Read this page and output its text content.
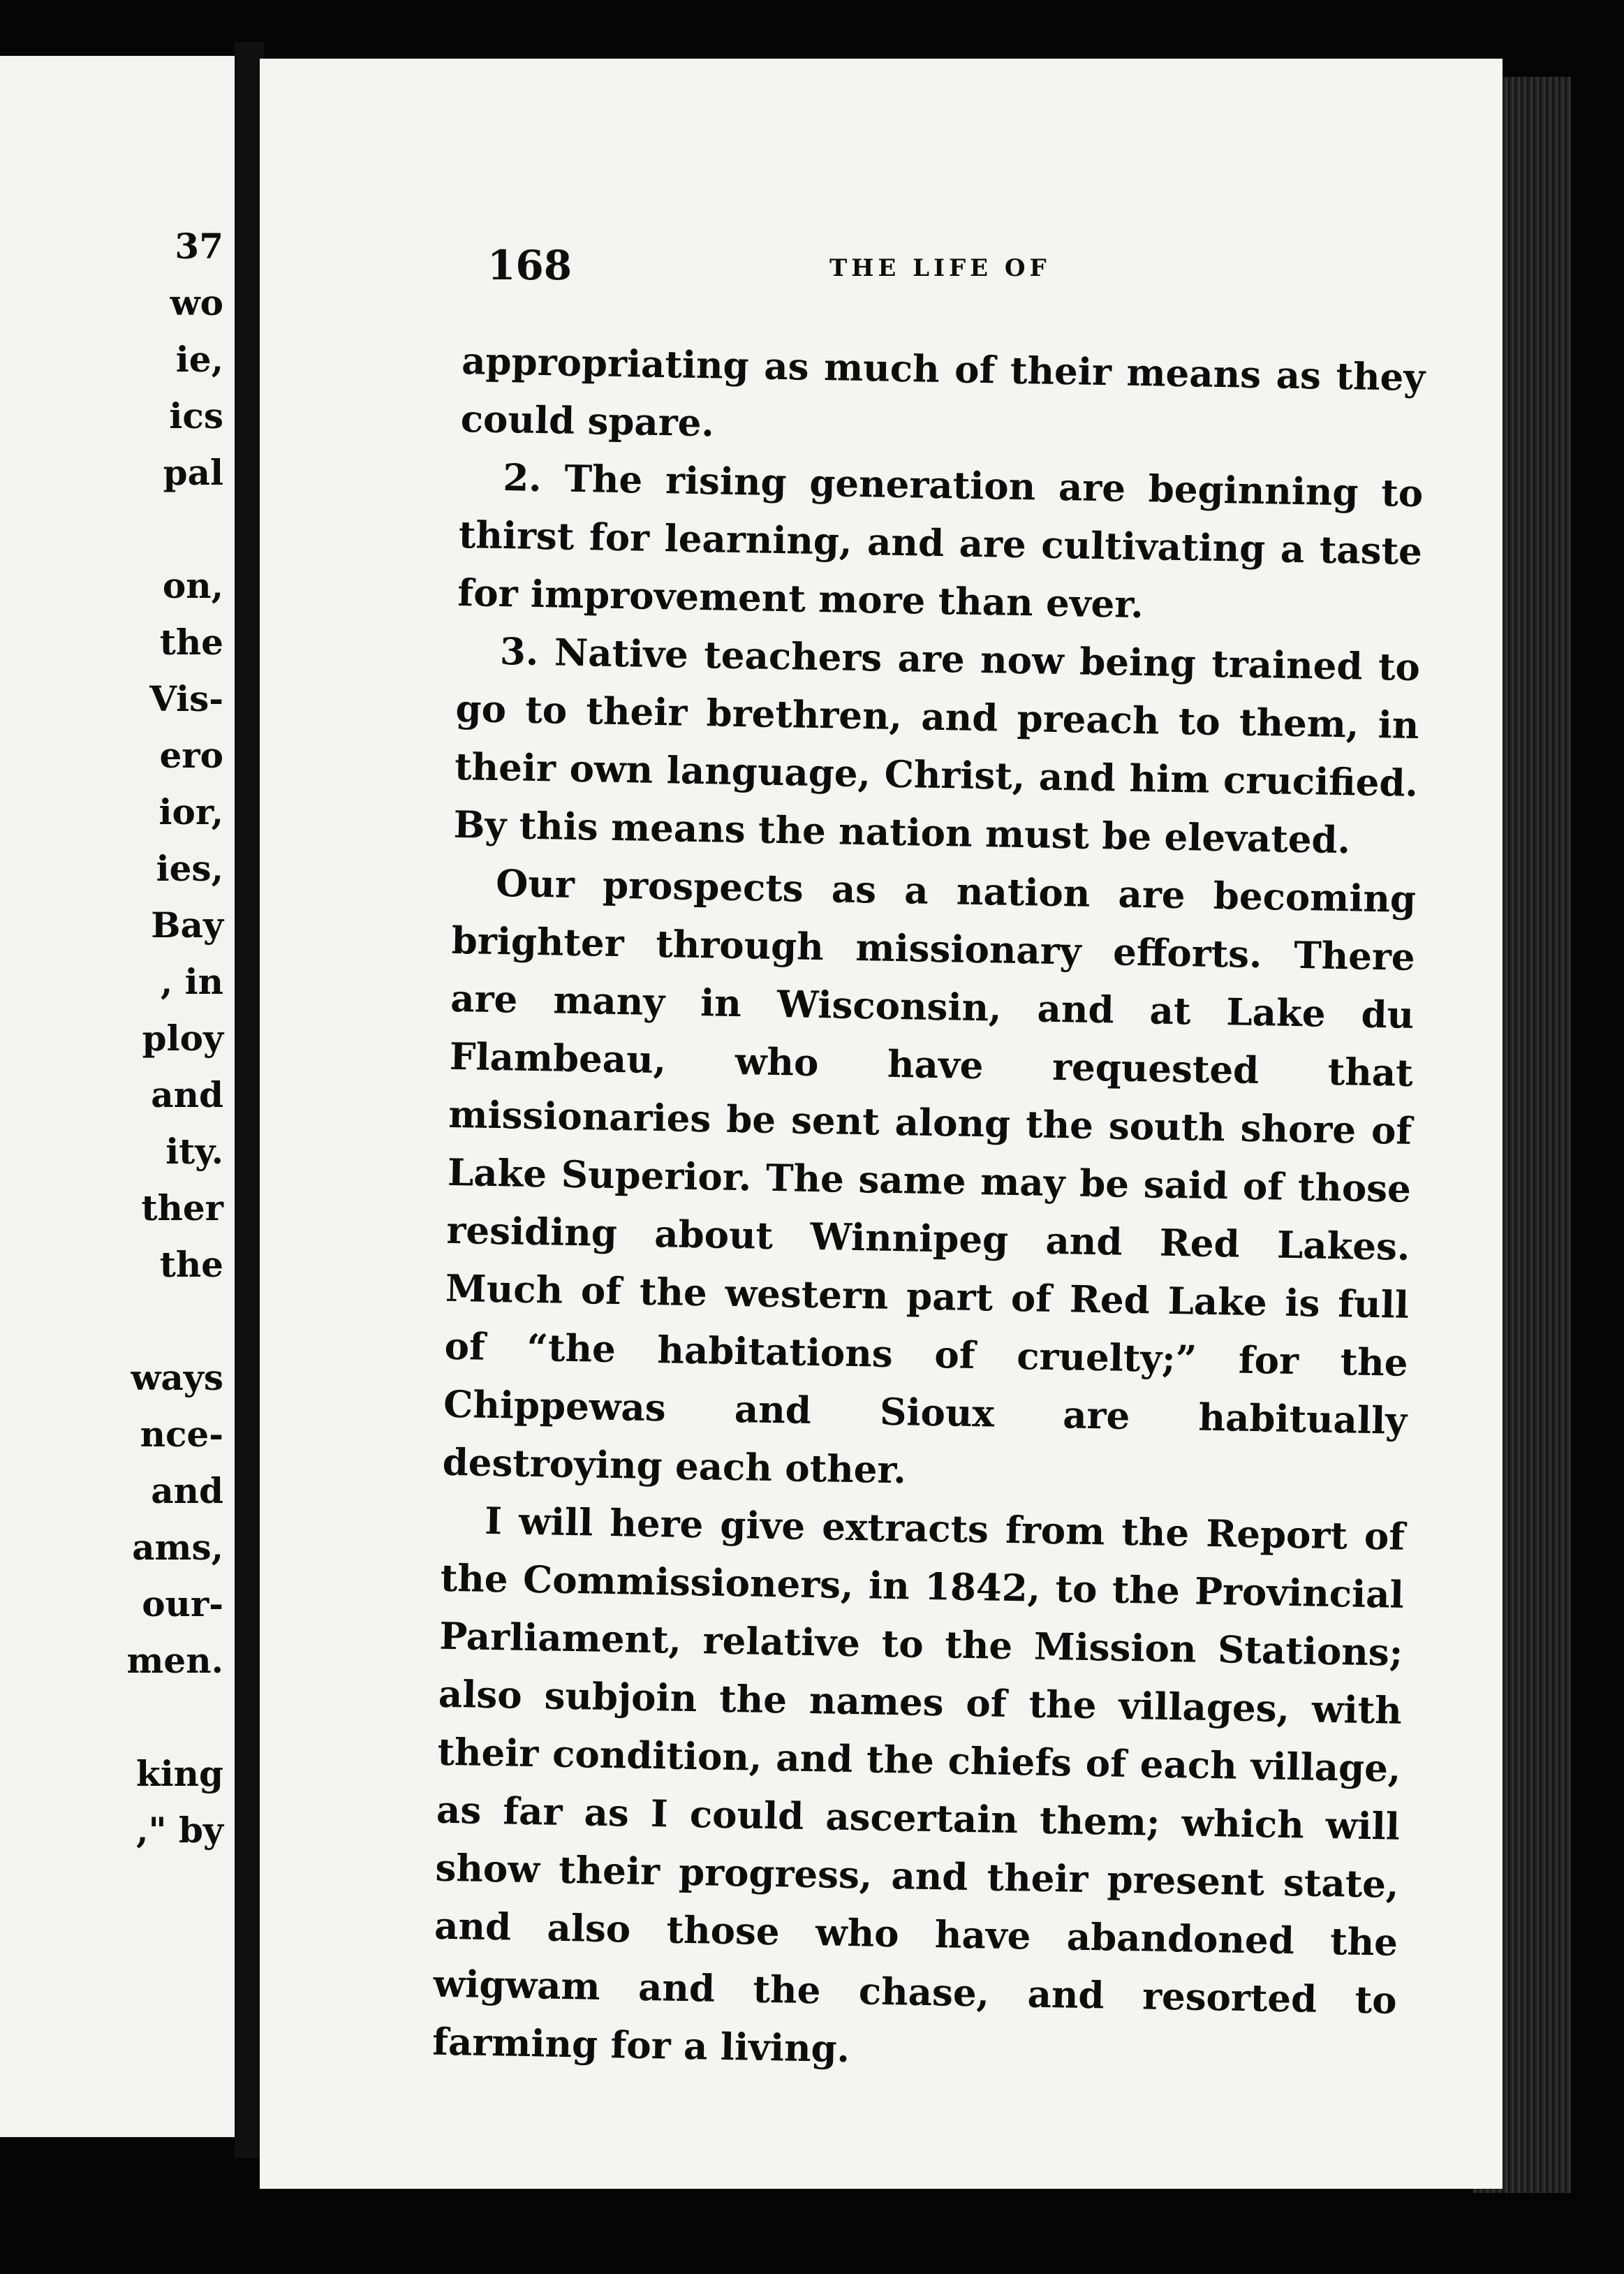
37
wo
ie,
ics
pal
on,
the
Vis-
ero
ior,
ies,
Bay
, in
ploy
and
ity.
ther
the
ways
nce-
and
ams,
our-
men.
king
," by
168	THE LIFE OF

appropriating as much of their means as they could spare.

2. The rising generation are beginning to thirst for learning, and are cultivating a taste for improvement more than ever.

3. Native teachers are now being trained to go to their brethren, and preach to them, in their own language, Christ, and him crucified. By this means the nation must be elevated.

Our prospects as a nation are becoming brighter through missionary efforts. There are many in Wisconsin, and at Lake du Flambeau, who have requested that missionaries be sent along the south shore of Lake Superior. The same may be said of those residing about Winnipeg and Red Lakes. Much of the western part of Red Lake is full of “the habitations of cruelty;” for the Chippewas and Sioux are habitually destroying each other.

I will here give extracts from the Report of the Commissioners, in 1842, to the Provincial Parliament, relative to the Mission Stations; also subjoin the names of the villages, with their condition, and the chiefs of each village, as far as I could ascertain them; which will show their progress, and their present state, and also those who have abandoned the wigwam and the chase, and resorted to farming for a living.
